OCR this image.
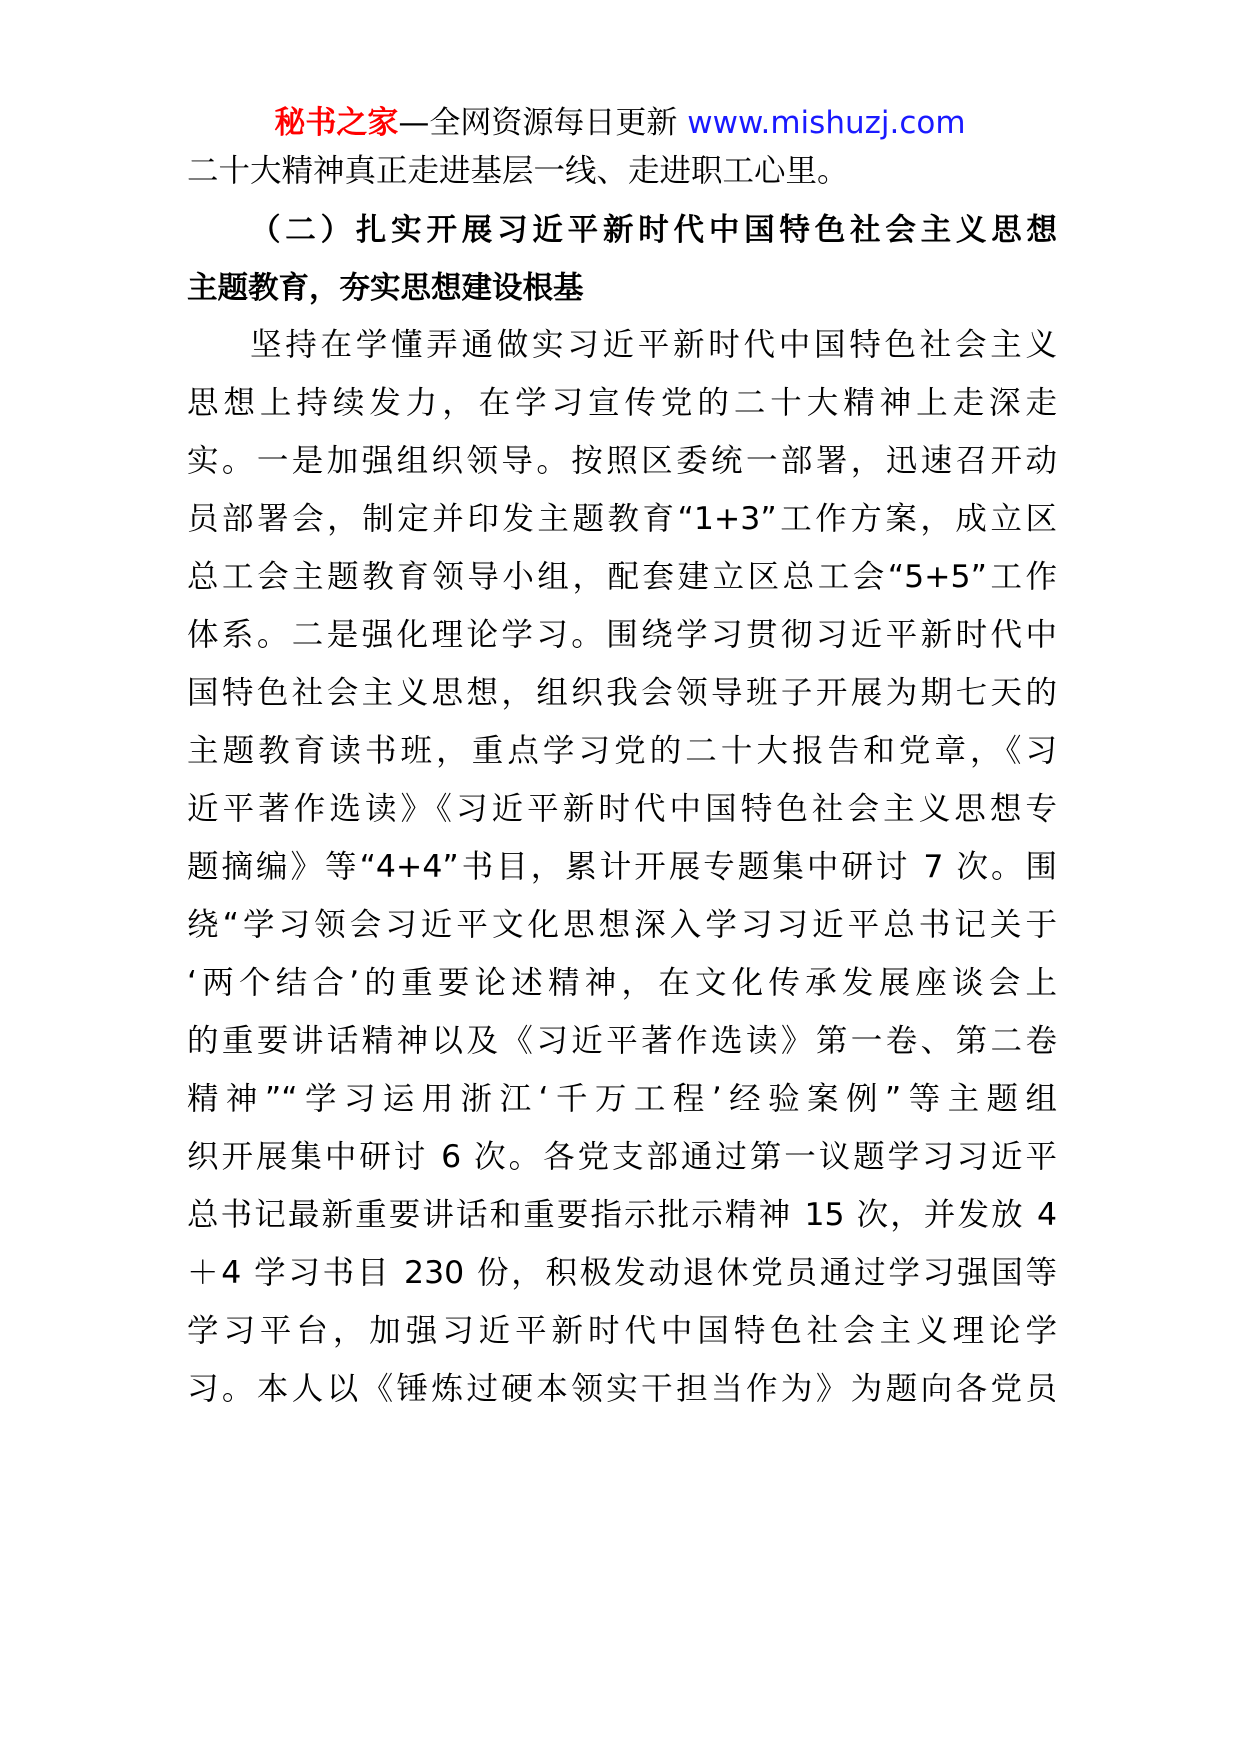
秘书之家—全网资源每日更新 www.mishuzj.com
二十大精神真正走进基层一线、走进职工心里。
（二）扎实开展习近平新时代中国特色社会主义思想
主题教育，夯实思想建设根基
坚持在学懂弄通做实习近平新时代中国特色社会主义
思想上持续发力，在学习宣传党的二十大精神上走深走
实。一是加强组织领导。按照区委统一部署，迅速召开动
员部署会，制定并印发主题教育“1+3”工作方案，成立区
总工会主题教育领导小组，配套建立区总工会“5+5”工作
体系。二是强化理论学习。围绕学习贯彻习近平新时代中
国特色社会主义思想，组织我会领导班子开展为期七天的
主题教育读书班，重点学习党的二十大报告和党章，《习
近平著作选读》《习近平新时代中国特色社会主义思想专
题摘编》等“4+4”书目，累计开展专题集中研讨 7 次。围
绕“学习领会习近平文化思想深入学习习近平总书记关于
‘两个结合’的重要论述精神，在文化传承发展座谈会上
的重要讲话精神以及《习近平著作选读》第一卷、第二卷
精神”“学习运用浙江‘千万工程’经验案例”等主题组
织开展集中研讨 6 次。各党支部通过第一议题学习习近平
总书记最新重要讲话和重要指示批示精神 15 次，并发放 4
＋4 学习书目 230 份，积极发动退休党员通过学习强国等
学习平台，加强习近平新时代中国特色社会主义理论学
习。本人以《锤炼过硬本领实干担当作为》为题向各党员
